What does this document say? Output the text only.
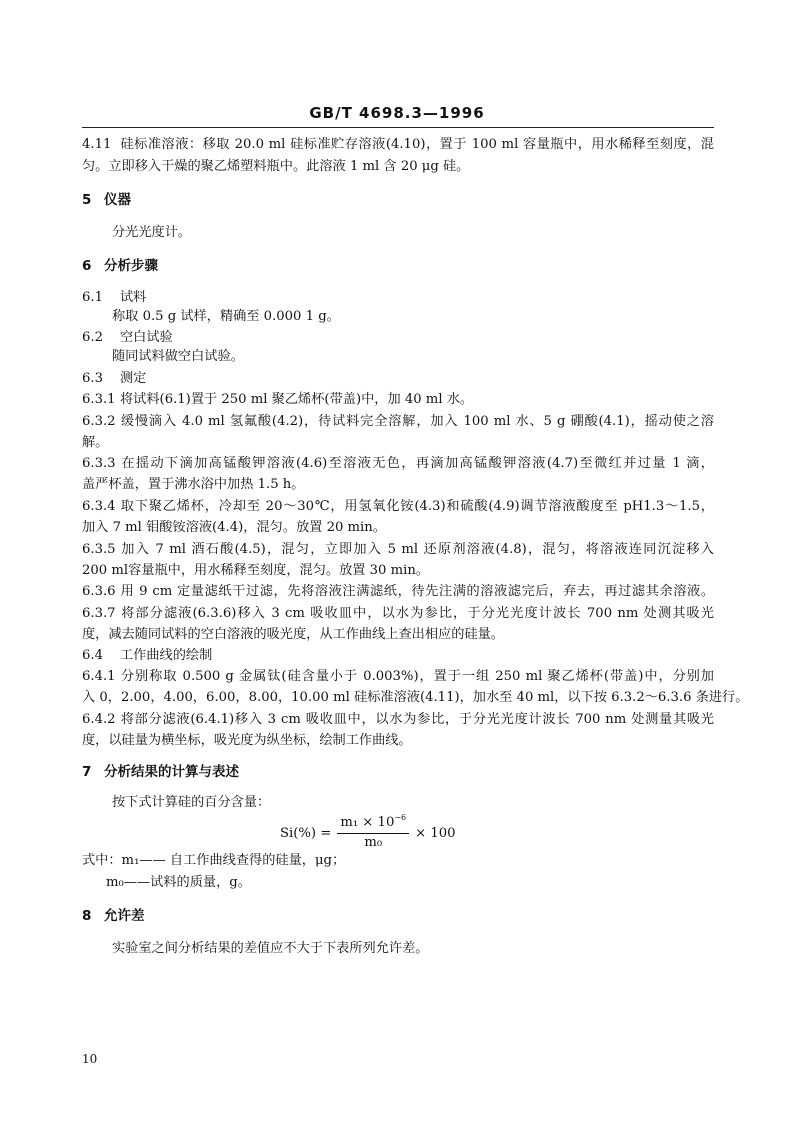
GB/T 4698.3—1996
4.11 硅标准溶液：移取 20.0 ml 硅标准贮存溶液(4.10)，置于 100 ml 容量瓶中，用水稀释至刻度，混
匀。立即移入干燥的聚乙烯塑料瓶中。此溶液 1 ml 含 20 μg 硅。
5 仪器
分光光度计。
6 分析步骤
6.1 试料
称取 0.5 g 试样，精确至 0.000 1 g。
6.2 空白试验
随同试料做空白试验。
6.3 测定
6.3.1 将试料(6.1)置于 250 ml 聚乙烯杯(带盖)中，加 40 ml 水。
6.3.2 缓慢滴入 4.0 ml 氢氟酸(4.2)，待试料完全溶解，加入 100 ml 水、5 g 硼酸(4.1)，摇动使之溶
解。
6.3.3 在摇动下滴加高锰酸钾溶液(4.6)至溶液无色，再滴加高锰酸钾溶液(4.7)至微红并过量 1 滴，
盖严杯盖，置于沸水浴中加热 1.5 h。
6.3.4 取下聚乙烯杯，冷却至 20～30℃，用氢氧化铵(4.3)和硫酸(4.9)调节溶液酸度至 pH1.3～1.5，
加入 7 ml 钼酸铵溶液(4.4)，混匀。放置 20 min。
6.3.5 加入 7 ml 酒石酸(4.5)，混匀，立即加入 5 ml 还原剂溶液(4.8)，混匀，将溶液连同沉淀移入
200 ml容量瓶中，用水稀释至刻度，混匀。放置 30 min。
6.3.6 用 9 cm 定量滤纸干过滤，先将溶液注满滤纸，待先注满的溶液滤完后，弃去，再过滤其余溶液。
6.3.7 将部分滤液(6.3.6)移入 3 cm 吸收皿中，以水为参比，于分光光度计波长 700 nm 处测其吸光
度，减去随同试料的空白溶液的吸光度，从工作曲线上查出相应的硅量。
6.4 工作曲线的绘制
6.4.1 分别称取 0.500 g 金属钛(硅含量小于 0.003%)，置于一组 250 ml 聚乙烯杯(带盖)中，分别加
入 0，2.00，4.00，6.00，8.00，10.00 ml 硅标准溶液(4.11)，加水至 40 ml，以下按 6.3.2～6.3.6 条进行。
6.4.2 将部分滤液(6.4.1)移入 3 cm 吸收皿中，以水为参比，于分光光度计波长 700 nm 处测量其吸光
度，以硅量为横坐标，吸光度为纵坐标，绘制工作曲线。
7 分析结果的计算与表述
按下式计算硅的百分含量：
$Si(\%) = \frac{m_1 \times 10^{-6}}{\text{m₀}} \times 100$
式中：m₁—— 自工作曲线查得的硅量，μg；
m₀——试料的质量，g。
8 允许差
实验室之间分析结果的差值应不大于下表所列允许差。
10
